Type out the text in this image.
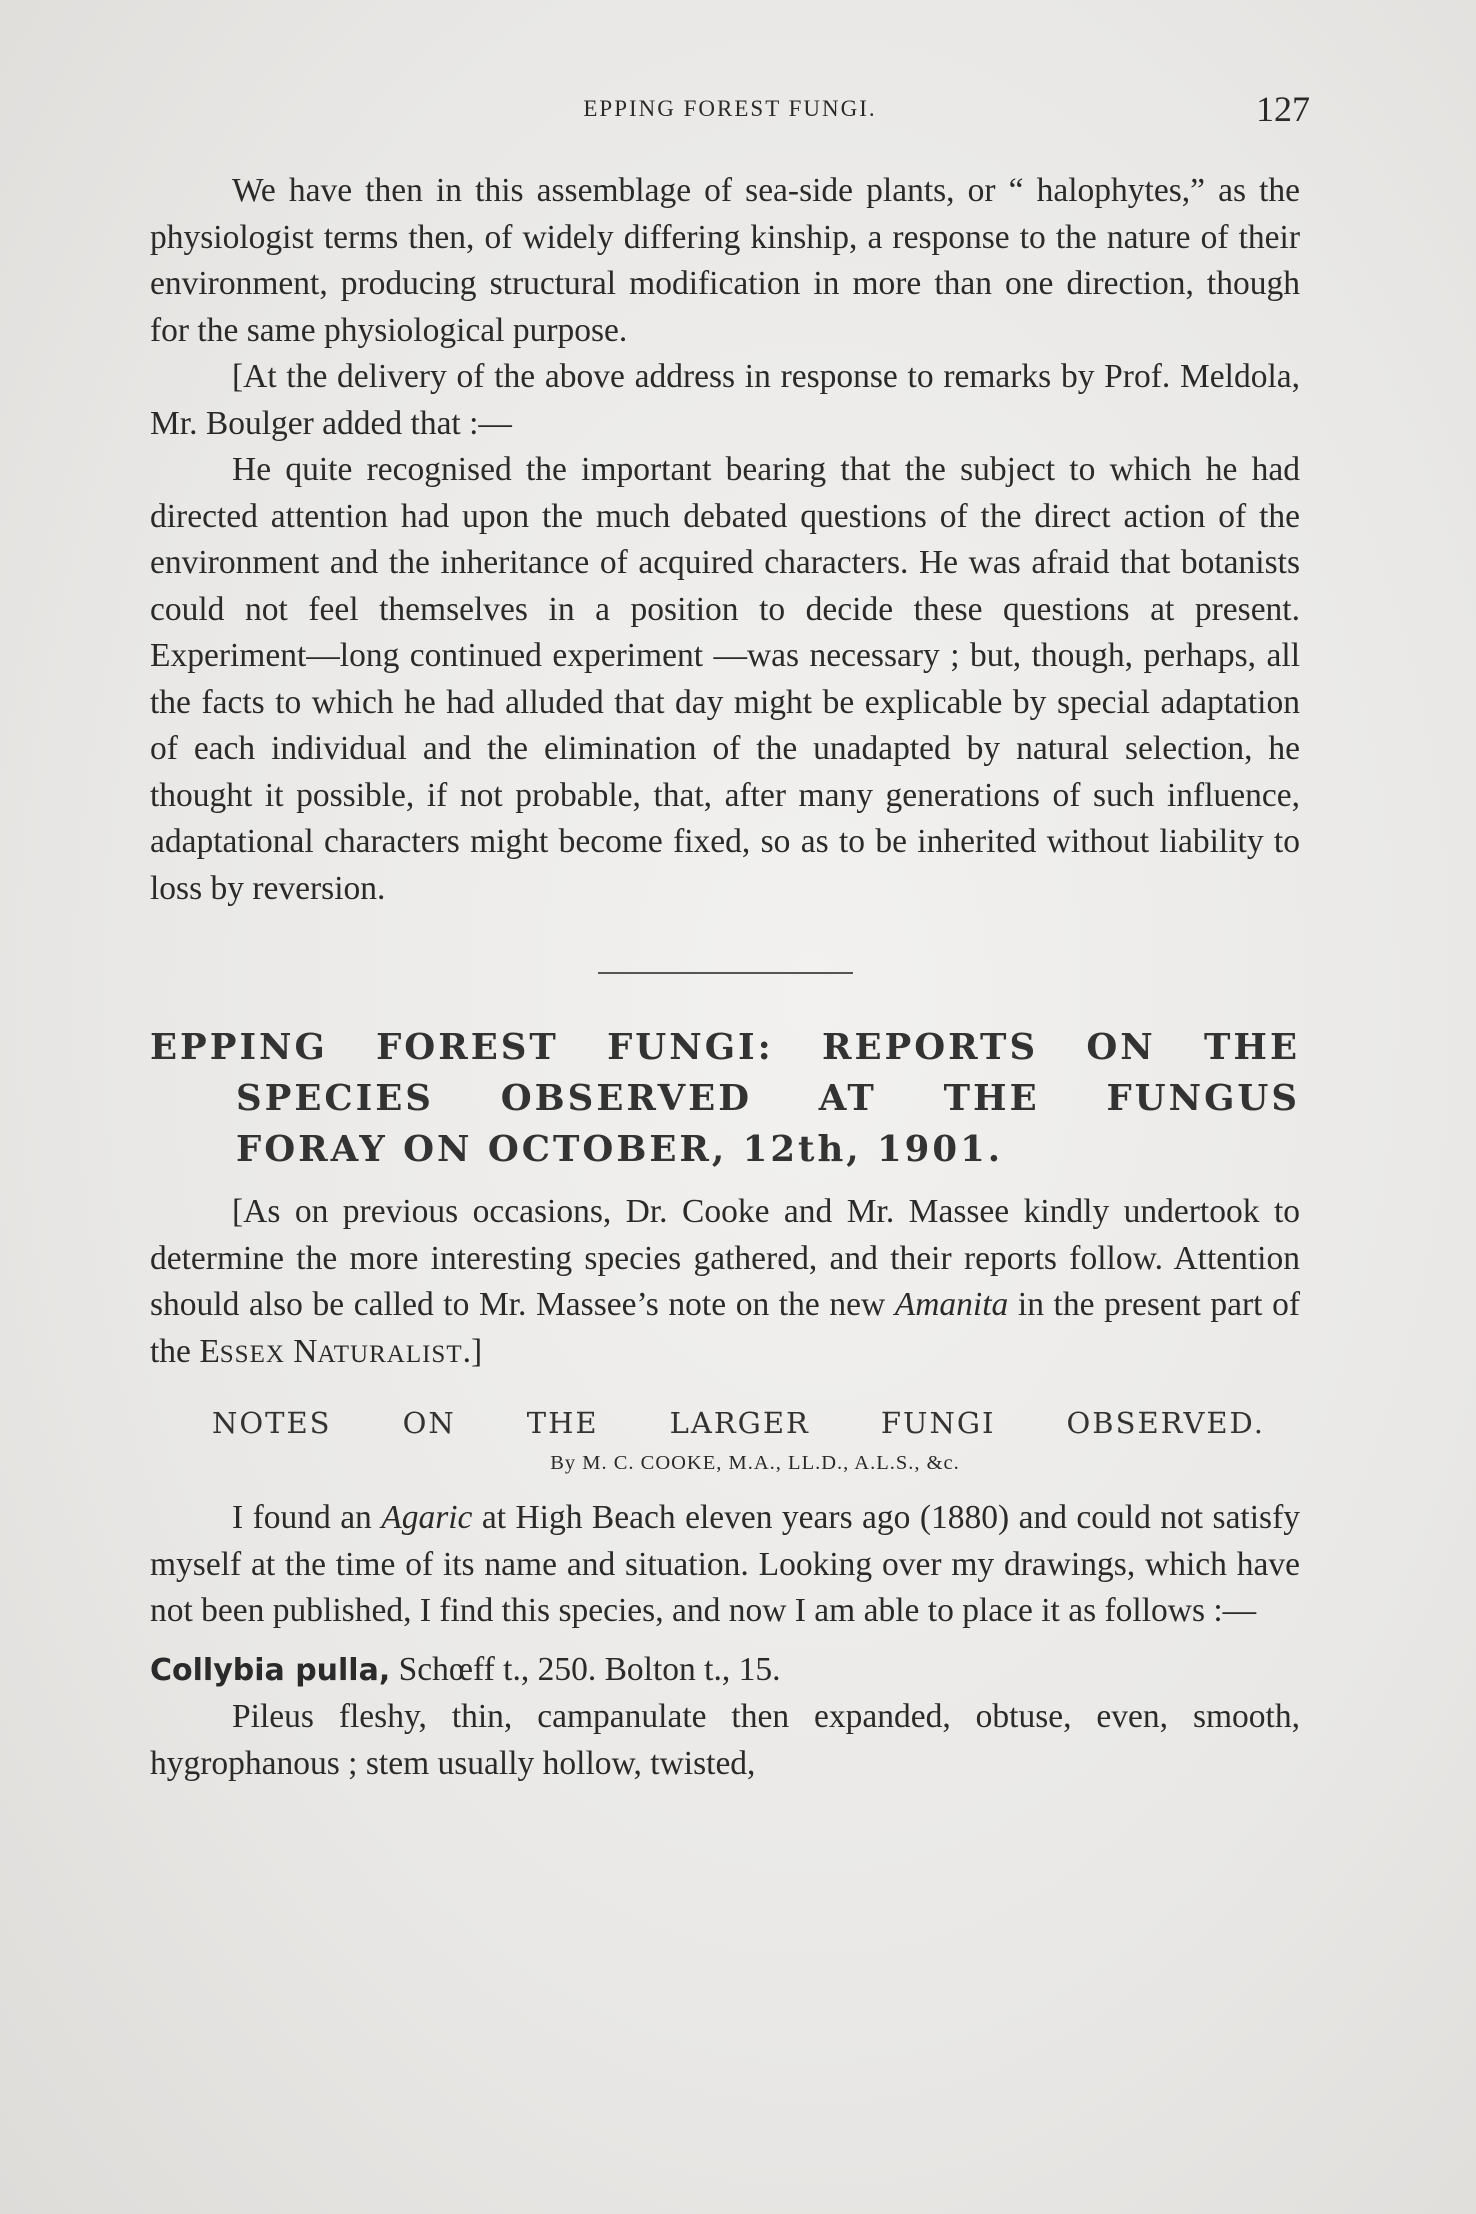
EPPING FOREST FUNGI.	127

We have then in this assemblage of sea-side plants, or “ halophytes,” as the physiologist terms then, of widely differing kinship, a response to the nature of their environment, producing structural modification in more than one direction, though for the same physiological purpose.

[At the delivery of the above address in response to remarks by Prof. Meldola, Mr. Boulger added that :—

He quite recognised the important bearing that the subject to which he had directed attention had upon the much debated questions of the direct action of the environment and the inheritance of acquired characters. He was afraid that botanists could not feel themselves in a position to decide these questions at present. Experiment—long continued experiment —was necessary ; but, though, perhaps, all the facts to which he had alluded that day might be explicable by special adaptation of each individual and the elimination of the unadapted by natural selection, he thought it possible, if not probable, that, after many generations of such influence, adaptational characters might become fixed, so as to be inherited without liability to loss by reversion.

EPPING FOREST FUNGI: REPORTS ON THE
SPECIES OBSERVED AT THE FUNGUS
FORAY ON OCTOBER, 12th, 1901.

[As on previous occasions, Dr. Cooke and Mr. Massee kindly undertook to determine the more interesting species gathered, and their reports follow. Attention should also be called to Mr. Massee’s note on the new Amanita in the present part of the ESSEX NATURALIST.]

NOTES ON THE LARGER FUNGI OBSERVED.
By M. C. COOKE, M.A., LL.D., A.L.S., &c.

I found an Agaric at High Beach eleven years ago (1880) and could not satisfy myself at the time of its name and situation. Looking over my drawings, which have not been published, I find this species, and now I am able to place it as follows :—

Collybia pulla, Schœff t., 250. Bolton t., 15.

Pileus fleshy, thin, campanulate then expanded, obtuse, even, smooth, hygrophanous ; stem usually hollow, twisted,
